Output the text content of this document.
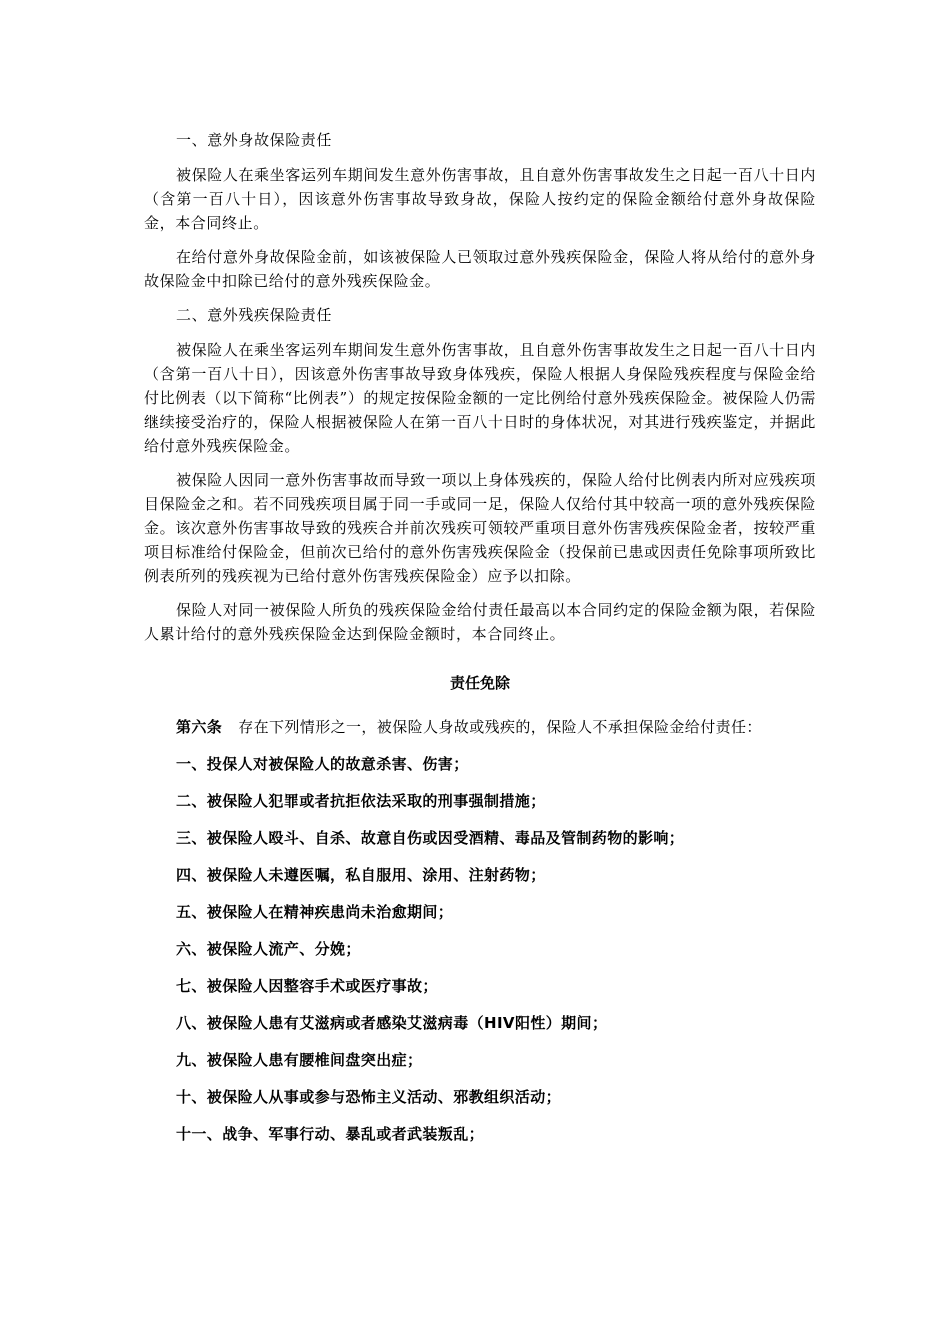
一、意外身故保险责任

被保险人在乘坐客运列车期间发生意外伤害事故，且自意外伤害事故发生之日起一百八十日内（含第一百八十日），因该意外伤害事故导致身故，保险人按约定的保险金额给付意外身故保险金，本合同终止。

在给付意外身故保险金前，如该被保险人已领取过意外残疾保险金，保险人将从给付的意外身故保险金中扣除已给付的意外残疾保险金。

二、意外残疾保险责任

被保险人在乘坐客运列车期间发生意外伤害事故，且自意外伤害事故发生之日起一百八十日内（含第一百八十日），因该意外伤害事故导致身体残疾，保险人根据人身保险残疾程度与保险金给付比例表（以下简称“比例表”）的规定按保险金额的一定比例给付意外残疾保险金。被保险人仍需继续接受治疗的，保险人根据被保险人在第一百八十日时的身体状况，对其进行残疾鉴定，并据此给付意外残疾保险金。

被保险人因同一意外伤害事故而导致一项以上身体残疾的，保险人给付比例表内所对应残疾项目保险金之和。若不同残疾项目属于同一手或同一足，保险人仅给付其中较高一项的意外残疾保险金。该次意外伤害事故导致的残疾合并前次残疾可领较严重项目意外伤害残疾保险金者，按较严重项目标准给付保险金，但前次已给付的意外伤害残疾保险金（投保前已患或因责任免除事项所致比例表所列的残疾视为已给付意外伤害残疾保险金）应予以扣除。

保险人对同一被保险人所负的残疾保险金给付责任最高以本合同约定的保险金额为限，若保险人累计给付的意外残疾保险金达到保险金额时，本合同终止。

责任免除

第六条 存在下列情形之一，被保险人身故或残疾的，保险人不承担保险金给付责任：

一、投保人对被保险人的故意杀害、伤害；

二、被保险人犯罪或者抗拒依法采取的刑事强制措施；

三、被保险人殴斗、自杀、故意自伤或因受酒精、毒品及管制药物的影响；

四、被保险人未遵医嘱，私自服用、涂用、注射药物；

五、被保险人在精神疾患尚未治愈期间；

六、被保险人流产、分娩；

七、被保险人因整容手术或医疗事故；

八、被保险人患有艾滋病或者感染艾滋病毒（HIV阳性）期间；

九、被保险人患有腰椎间盘突出症；

十、被保险人从事或参与恐怖主义活动、邪教组织活动；

十一、战争、军事行动、暴乱或者武装叛乱；
